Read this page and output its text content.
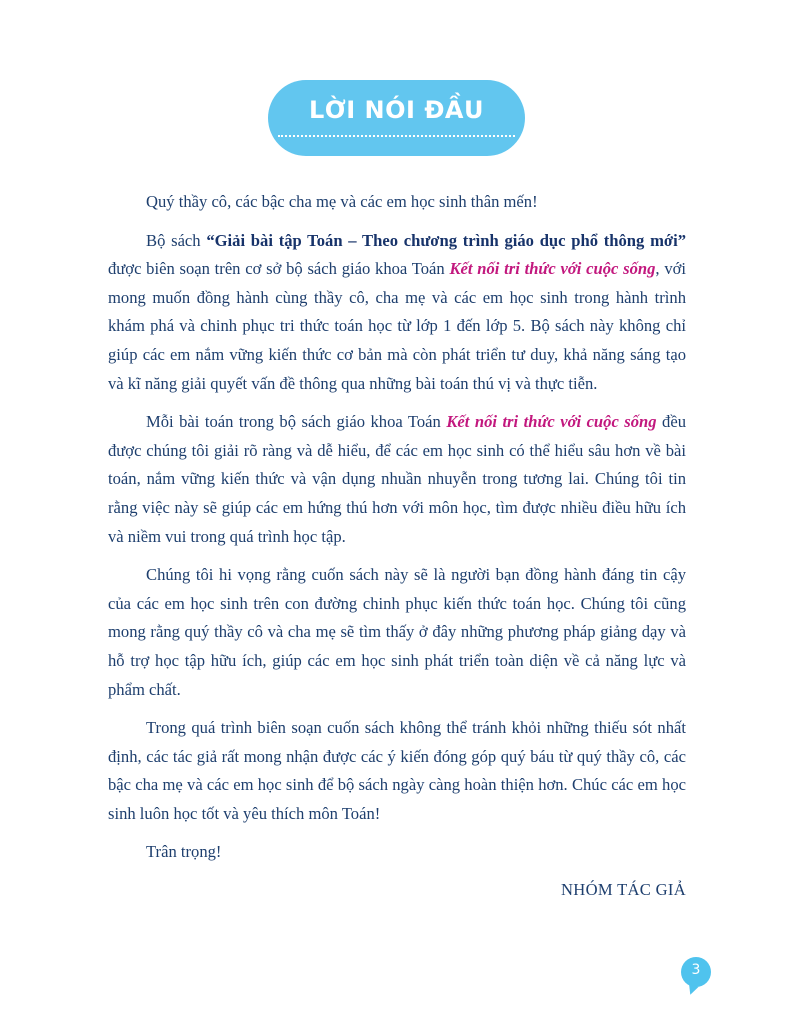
LỜI NÓI ĐẦU

Quý thầy cô, các bậc cha mẹ và các em học sinh thân mến!

Bộ sách “Giải bài tập Toán – Theo chương trình giáo dục phổ thông mới” được biên soạn trên cơ sở bộ sách giáo khoa Toán Kết nối tri thức với cuộc sống, với mong muốn đồng hành cùng thầy cô, cha mẹ và các em học sinh trong hành trình khám phá và chinh phục tri thức toán học từ lớp 1 đến lớp 5. Bộ sách này không chỉ giúp các em nắm vững kiến thức cơ bản mà còn phát triển tư duy, khả năng sáng tạo và kĩ năng giải quyết vấn đề thông qua những bài toán thú vị và thực tiễn.

Mỗi bài toán trong bộ sách giáo khoa Toán Kết nối tri thức với cuộc sống đều được chúng tôi giải rõ ràng và dễ hiểu, để các em học sinh có thể hiểu sâu hơn về bài toán, nắm vững kiến thức và vận dụng nhuần nhuyễn trong tương lai. Chúng tôi tin rằng việc này sẽ giúp các em hứng thú hơn với môn học, tìm được nhiều điều hữu ích và niềm vui trong quá trình học tập.

Chúng tôi hi vọng rằng cuốn sách này sẽ là người bạn đồng hành đáng tin cậy của các em học sinh trên con đường chinh phục kiến thức toán học. Chúng tôi cũng mong rằng quý thầy cô và cha mẹ sẽ tìm thấy ở đây những phương pháp giảng dạy và hỗ trợ học tập hữu ích, giúp các em học sinh phát triển toàn diện về cả năng lực và phẩm chất.

Trong quá trình biên soạn cuốn sách không thể tránh khỏi những thiếu sót nhất định, các tác giả rất mong nhận được các ý kiến đóng góp quý báu từ quý thầy cô, các bậc cha mẹ và các em học sinh để bộ sách ngày càng hoàn thiện hơn. Chúc các em học sinh luôn học tốt và yêu thích môn Toán!

Trân trọng!

NHÓM TÁC GIẢ
3
